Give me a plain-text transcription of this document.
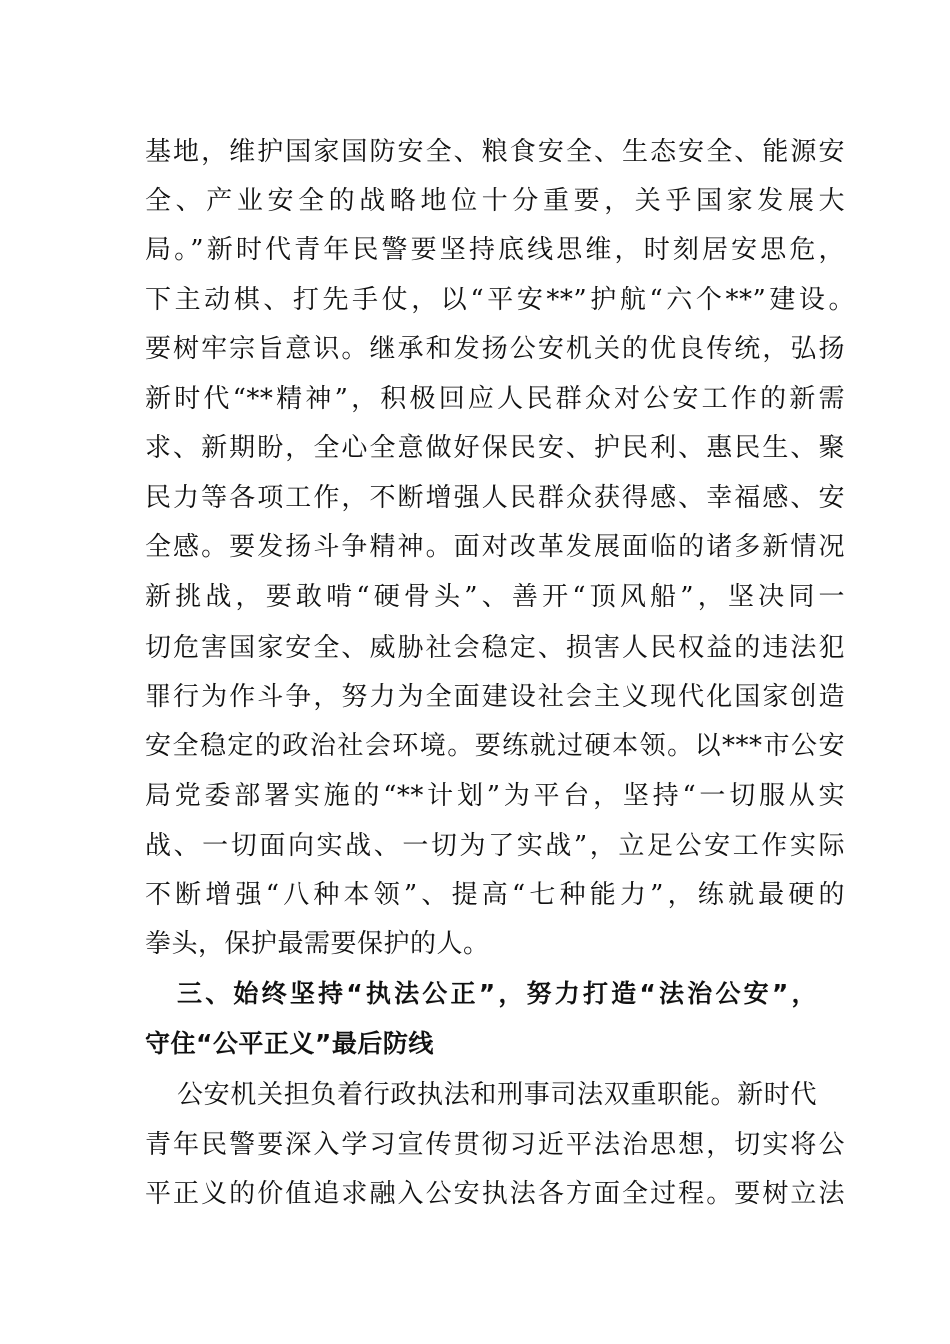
基地，维护国家国防安全、粮食安全、生态安全、能源安
全、产业安全的战略地位十分重要，关乎国家发展大
局。”新时代青年民警要坚持底线思维，时刻居安思危，
下主动棋、打先手仗，以“平安**”护航“六个**”建设。
要树牢宗旨意识。继承和发扬公安机关的优良传统，弘扬
新时代“**精神”，积极回应人民群众对公安工作的新需
求、新期盼，全心全意做好保民安、护民利、惠民生、聚
民力等各项工作，不断增强人民群众获得感、幸福感、安
全感。要发扬斗争精神。面对改革发展面临的诸多新情况
新挑战，要敢啃“硬骨头”、善开“顶风船”，坚决同一
切危害国家安全、威胁社会稳定、损害人民权益的违法犯
罪行为作斗争，努力为全面建设社会主义现代化国家创造
安全稳定的政治社会环境。要练就过硬本领。以***市公安
局党委部署实施的“**计划”为平台，坚持“一切服从实
战、一切面向实战、一切为了实战”，立足公安工作实际
不断增强“八种本领”、提高“七种能力”，练就最硬的
拳头，保护最需要保护的人。
三、始终坚持“执法公正”，努力打造“法治公安”，
守住“公平正义”最后防线
公安机关担负着行政执法和刑事司法双重职能。新时代
青年民警要深入学习宣传贯彻习近平法治思想，切实将公
平正义的价值追求融入公安执法各方面全过程。要树立法
